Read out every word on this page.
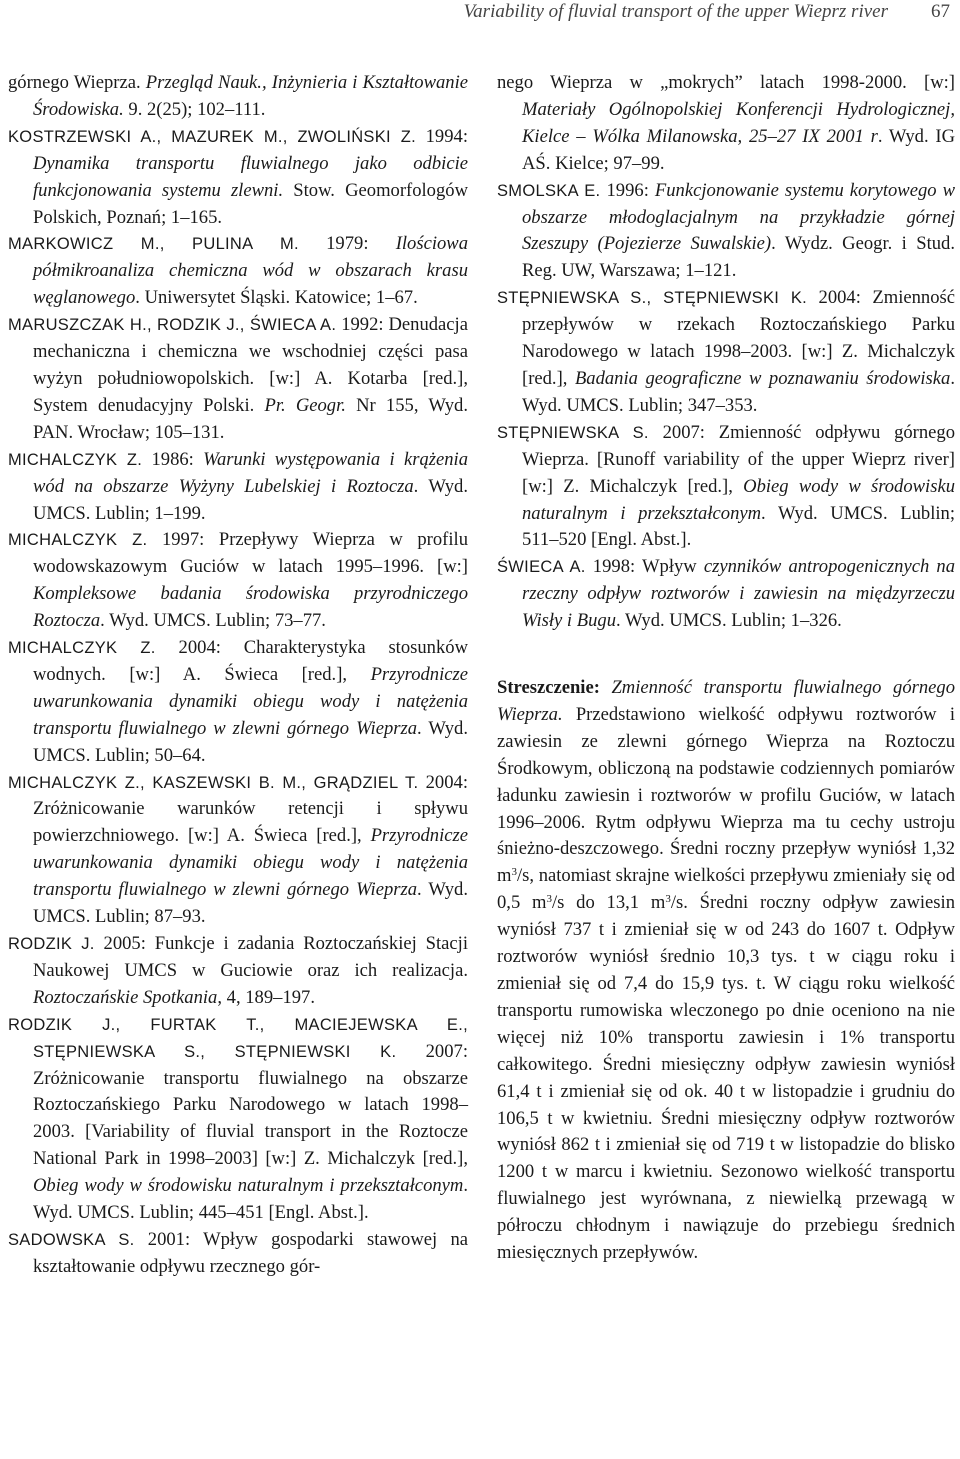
Variability of fluvial transport of the upper Wieprz river 67

górnego Wieprza. Przegląd Nauk., Inżynieria i Kształtowanie Środowiska. 9. 2(25); 102‒111.

KOSTRZEWSKI A., MAZUREK M., ZWOLIŃSKI Z. 1994: Dynamika transportu fluwialnego jako odbicie funkcjonowania systemu zlewni. Stow. Geomorfologów Polskich, Poznań; 1‒165.

MARKOWICZ M., PULINA M. 1979: Ilościowa półmikroanaliza chemiczna wód w obszarach krasu węglanowego. Uniwersytet Śląski. Katowice; 1‒67.

MARUSZCZAK H., RODZIK J., ŚWIECA A. 1992: Denudacja mechaniczna i chemiczna we wschodniej części pasa wyżyn południowopolskich. [w:] A. Kotarba [red.], System denudacyjny Polski. Pr. Geogr. Nr 155, Wyd. PAN. Wrocław; 105‒131.

MICHALCZYK Z. 1986: Warunki występowania i krążenia wód na obszarze Wyżyny Lubelskiej i Roztocza. Wyd. UMCS. Lublin; 1‒199.

MICHALCZYK Z. 1997: Przepływy Wieprza w profilu wodowskazowym Guciów w latach 1995‒1996. [w:] Kompleksowe badania środowiska przyrodniczego Roztocza. Wyd. UMCS. Lublin; 73‒77.

MICHALCZYK Z. 2004: Charakterystyka stosunków wodnych. [w:] A. Świeca [red.], Przyrodnicze uwarunkowania dynamiki obiegu wody i natężenia transportu fluwialnego w zlewni górnego Wieprza. Wyd. UMCS. Lublin; 50‒64.

MICHALCZYK Z., KASZEWSKI B. M., GRĄDZIEL T. 2004: Zróżnicowanie warunków retencji i spływu powierzchniowego. [w:] A. Świeca [red.], Przyrodnicze uwarunkowania dynamiki obiegu wody i natężenia transportu fluwialnego w zlewni górnego Wieprza. Wyd. UMCS. Lublin; 87‒93.

RODZIK J. 2005: Funkcje i zadania Roztoczańskiej Stacji Naukowej UMCS w Guciowie oraz ich realizacja. Roztoczańskie Spotkania, 4, 189‒197.

RODZIK J., FURTAK T., MACIEJEWSKA E., STĘPNIEWSKA S., STĘPNIEWSKI K. 2007: Zróżnicowanie transportu fluwialnego na obszarze Roztoczańskiego Parku Narodowego w latach 1998‒2003. [Variability of fluvial transport in the Roztocze National Park in 1998‒2003] [w:] Z. Michalczyk [red.], Obieg wody w środowisku naturalnym i przekształconym. Wyd. UMCS. Lublin; 445‒451 [Engl. Abst.].

SADOWSKA S. 2001: Wpływ gospodarki stawowej na kształtowanie odpływu rzecznego gór-

nego Wieprza w „mokrych” latach 1998-2000. [w:] Materiały Ogólnopolskiej Konferencji Hydrologicznej, Kielce ‒ Wólka Milanowska, 25‒27 IX 2001 r. Wyd. IG AŚ. Kielce; 97‒99.

SMOLSKA E. 1996: Funkcjonowanie systemu korytowego w obszarze młodoglacjalnym na przykładzie górnej Szeszupy (Pojezierze Suwalskie). Wydz. Geogr. i Stud. Reg. UW, Warszawa; 1‒121.

STĘPNIEWSKA S., STĘPNIEWSKI K. 2004: Zmienność przepływów w rzekach Roztoczańskiego Parku Narodowego w latach 1998‒2003. [w:] Z. Michalczyk [red.], Badania geograficzne w poznawaniu środowiska. Wyd. UMCS. Lublin; 347‒353.

STĘPNIEWSKA S. 2007: Zmienność odpływu górnego Wieprza. [Runoff variability of the upper Wieprz river] [w:] Z. Michalczyk [red.], Obieg wody w środowisku naturalnym i przekształconym. Wyd. UMCS. Lublin; 511‒520 [Engl. Abst.].

ŚWIECA A. 1998: Wpływ czynników antropogenicznych na rzeczny odpływ roztworów i zawiesin na międzyrzeczu Wisły i Bugu. Wyd. UMCS. Lublin; 1‒326.

Streszczenie: Zmienność transportu fluwialnego górnego Wieprza. Przedstawiono wielkość odpływu roztworów i zawiesin ze zlewni górnego Wieprza na Roztoczu Środkowym, obliczoną na podstawie codziennych pomiarów ładunku zawiesin i roztworów w profilu Guciów, w latach 1996‒2006. Rytm odpływu Wieprza ma tu cechy ustroju śnieżno-deszczowego. Średni roczny przepływ wyniósł 1,32 $m^3/s$, natomiast skrajne wielkości przepływu zmieniały się od 0,5 $m^3/s$ do 13,1 $m^3/s$. Średni roczny odpływ zawiesin wyniósł 737 t i zmieniał się w od 243 do 1607 t. Odpływ roztworów wyniósł średnio 10,3 tys. t w ciągu roku i zmieniał się od 7,4 do 15,9 tys. t. W ciągu roku wielkość transportu rumowiska wleczonego po dnie oceniono na nie więcej niż 10% transportu zawiesin i 1% transportu całkowitego. Średni miesięczny odpływ zawiesin wyniósł 61,4 t i zmieniał się od ok. 40 t w listopadzie i grudniu do 106,5 t w kwietniu. Średni miesięczny odpływ roztworów wyniósł 862 t i zmieniał się od 719 t w listopadzie do blisko 1200 t w marcu i kwietniu. Sezonowo wielkość transportu fluwialnego jest wyrównana, z niewielką przewagą w półroczu chłodnym i nawiązuje do przebiegu średnich miesięcznych przepływów.
